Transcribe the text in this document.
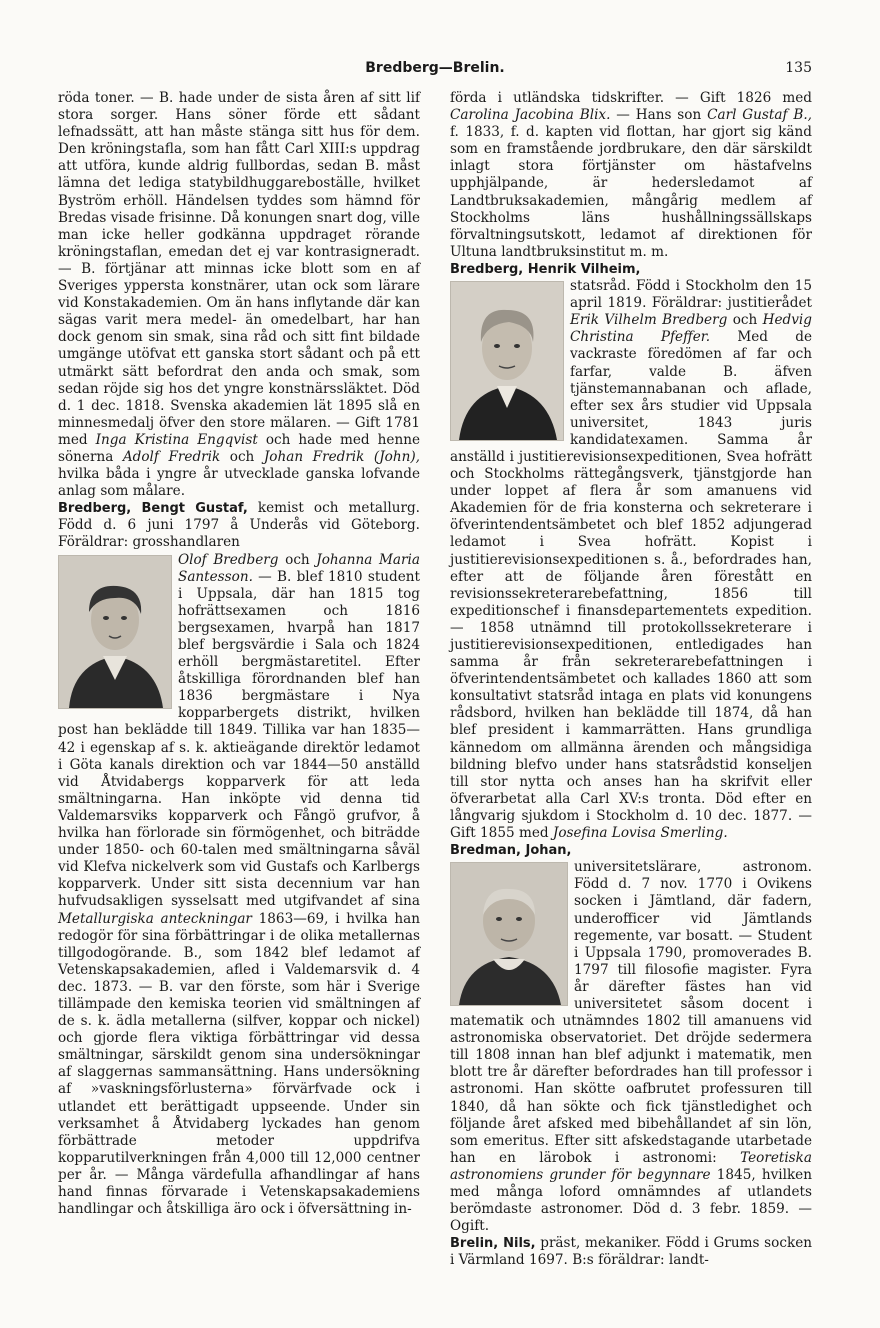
Bredberg—Brelin.	135

röda toner. — B. hade under de sista åren af sitt lif stora sorger. Hans söner förde ett sådant lefnadssätt, att han måste stänga sitt hus för dem. Den kröningstafla, som han fått Carl XIII:s uppdrag att utföra, kunde aldrig fullbordas, sedan B. måst lämna det lediga statybildhuggareboställe, hvilket Byström erhöll. Händelsen tyddes som hämnd för Bredas visade frisinne. Då konungen snart dog, ville man icke heller godkänna uppdraget rörande kröningstaflan, emedan det ej var kontrasigneradt. — B. förtjänar att minnas icke blott som en af Sveriges yppersta konstnärer, utan ock som lärare vid Konstakademien. Om än hans inflytande där kan sägas varit mera medel- än omedelbart, har han dock genom sin smak, sina råd och sitt fint bildade umgänge utöfvat ett ganska stort sådant och på ett utmärkt sätt befordrat den anda och smak, som sedan röjde sig hos det yngre konstnärssläktet. Död d. 1 dec. 1818. Svenska akademien lät 1895 slå en minnesmedalj öfver den store mälaren. — Gift 1781 med Inga Kristina Engqvist och hade med henne sönerna Adolf Fredrik och Johan Fredrik (John), hvilka båda i yngre år utvecklade ganska lofvande anlag som målare.

Bredberg, Bengt Gustaf, kemist och metallurg. Född d. 6 juni 1797 å Underås vid Göteborg. Föräldrar: grosshandlaren

Olof Bredberg och Johanna Maria Santesson. — B. blef 1810 student i Uppsala, där han 1815 tog hofrättsexamen och 1816 bergsexamen, hvarpå han 1817 blef bergsvärdie i Sala och 1824 erhöll bergmästaretitel. Efter åtskilliga förordnanden blef han 1836 bergmästare i Nya kopparbergets distrikt, hvilken post han beklädde till 1849. Tillika var han 1835—42 i egenskap af s. k. aktieägande direktör ledamot i Göta kanals direktion och var 1844—50 anställd vid Åtvidabergs kopparverk för att leda smältningarna. Han inköpte vid denna tid Valdemarsviks kopparverk och Fångö grufvor, å hvilka han förlorade sin förmögenhet, och biträdde under 1850- och 60-talen med smältningarna såväl vid Klefva nickelverk som vid Gustafs och Karlbergs kopparverk. Under sitt sista decennium var han hufvudsakligen sysselsatt med utgifvandet af sina Metallurgiska anteckningar 1863—69, i hvilka han redogör för sina förbättringar i de olika metallernas tillgodogörande. B., som 1842 blef ledamot af Vetenskapsakademien, afled i Valdemarsvik d. 4 dec. 1873. — B. var den förste, som här i Sverige tillämpade den kemiska teorien vid smältningen af de s. k. ädla metallerna (silfver, koppar och nickel) och gjorde flera viktiga förbättringar vid dessa smältningar, särskildt genom sina undersökningar af slaggernas sammansättning. Hans undersökning af »vaskningsförlusterna» förvärfvade ock i utlandet ett berättigadt uppseende. Under sin verksamhet å Åtvidaberg lyckades han genom förbättrade metoder uppdrifva kopparutilverkningen från 4,000 till 12,000 centner per år. — Många värdefulla afhandlingar af hans hand finnas förvarade i Vetenskapsakademiens handlingar och åtskilliga äro ock i öfversättning in-

förda i utländska tidskrifter. — Gift 1826 med Carolina Jacobina Blix. — Hans son Carl Gustaf B., f. 1833, f. d. kapten vid flottan, har gjort sig känd som en framstående jordbrukare, den där särskildt inlagt stora förtjänster om hästafvelns upphjälpande, är hedersledamot af Landtbruksakademien, mångårig medlem af Stockholms läns hushållningssällskaps förvaltningsutskott, ledamot af direktionen för Ultuna landtbruksinstitut m. m.

Bredberg, Henrik Vilheim,

statsråd. Född i Stockholm den 15 april 1819. Föräldrar: justitierådet Erik Vilhelm Bredberg och Hedvig Christina Pfeffer. Med de vackraste föredömen af far och farfar, valde B. äfven tjänstemannabanan och aflade, efter sex års studier vid Uppsala universitet, 1843 juris kandidatexamen. Samma år anställd i justitierevisionsexpeditionen, Svea hofrätt och Stockholms rättegångsverk, tjänstgjorde han under loppet af flera år som amanuens vid Akademien för de fria konsterna och sekreterare i öfverintendentsämbetet och blef 1852 adjungerad ledamot i Svea hofrätt. Kopist i justitierevisionsexpeditionen s. å., befordrades han, efter att de följande åren förestått en revisionssekreterarebefattning, 1856 till expeditionschef i finansdepartementets expedition. — 1858 utnämnd till protokollssekreterare i justitierevisionsexpeditionen, entledigades han samma år från sekreterarebefattningen i öfverintendentsämbetet och kallades 1860 att som konsultativt statsråd intaga en plats vid konungens rådsbord, hvilken han beklädde till 1874, då han blef president i kammarrätten. Hans grundliga kännedom om allmänna ärenden och mångsidiga bildning blefvo under hans statsrådstid konseljen till stor nytta och anses han ha skrifvit eller öfverarbetat alla Carl XV:s tronta. Död efter en långvarig sjukdom i Stockholm d. 10 dec. 1877. — Gift 1855 med Josefina Lovisa Smerling.

Bredman, Johan,

universitetslärare, astronom. Född d. 7 nov. 1770 i Ovikens socken i Jämtland, där fadern, underofficer vid Jämtlands regemente, var bosatt. — Student i Uppsala 1790, promoverades B. 1797 till filosofie magister. Fyra år därefter fästes han vid universitetet såsom docent i matematik och utnämndes 1802 till amanuens vid astronomiska observatoriet. Det dröjde sedermera till 1808 innan han blef adjunkt i matematik, men blott tre år därefter befordrades han till professor i astronomi. Han skötte oafbrutet professuren till 1840, då han sökte och fick tjänstledighet och följande året afsked med bibehållandet af sin lön, som emeritus. Efter sitt afskedstagande utarbetade han en lärobok i astronomi: Teoretiska astronomiens grunder för begynnare 1845, hvilken med många loford omnämndes af utlandets berömdaste astronomer. Död d. 3 febr. 1859. — Ogift.

Brelin, Nils, präst, mekaniker. Född i Grums socken i Värmland 1697. B:s föräldrar: landt-
